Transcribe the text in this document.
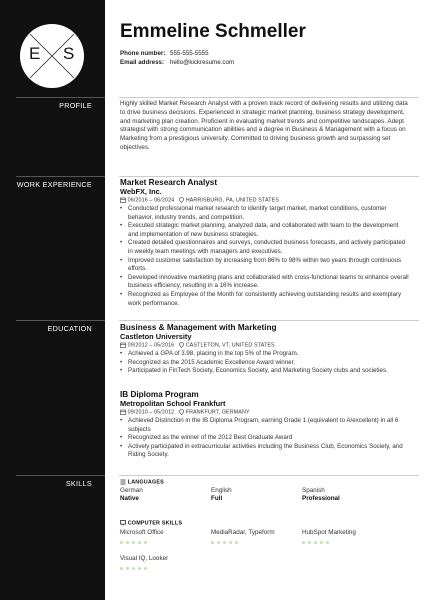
E S
PROFILE
WORK EXPERIENCE
EDUCATION
SKILLS
Emmeline Schmeller
Phone number: 555-555-5555
Email address: hello@kickresume.com
Highly skilled Market Research Analyst with a proven track record of delivering results and utilizing data to drive business decisions. Experienced in strategic market planning, business strategy development, and marketing plan creation. Proficient in evaluating market trends and competitive landscapes. Adept strategist with strong communication abilities and a degree in Business & Management with a focus on Marketing from a prestigious university. Committed to driving business growth and surpassing set objectives.
Market Research Analyst
WebFX, Inc.
06/2016 – 06/2024 HARRISBURG, PA, UNITED STATES
• Conducted professional market research to identify target market, market conditions, customer behavior, industry trends, and competition.
• Executed strategic market planning, analyzed data, and collaborated with team to the development and implementation of new business strategies.
• Created detailed questionnaires and surveys, conducted business forecasts, and actively participated in weekly team meetings with managers and executives.
• Improved customer satisfaction by increasing from 86% to 98% within two years through continuous efforts.
• Developed innovative marketing plans and collaborated with cross-functional teams to enhance overall business efficiency, resulting in a 16% increase.
• Recognized as Employee of the Month for consistently achieving outstanding results and exemplary work performance.
Business & Management with Marketing
Castleton University
09/2012 – 05/2016 CASTLETON, VT, UNITED STATES
• Achieved a GPA of 3.98, placing in the top 5% of the Program.
• Recognized as the 2015 Academic Excellence Award winner.
• Participated in FinTech Society, Economics Society, and Marketing Society clubs and societies.
IB Diploma Program
Metropolitan School Frankfurt
09/2010 – 05/2012 FRANKFURT, GERMANY
• Achieved Distinction in the IB Diploma Program, earning Grade 1 (equivalent to A/excellent) in all 6 subjects
• Recognized as the winner of the 2012 Best Graduate Award
• Actively participated in extracurricular activities including the Business Club, Economics Society, and Riding Society.
LANGUAGES
German
Native
English
Full
Spanish
Professional
COMPUTER SKILLS
Microsoft Office	MediaRadar, Typeform	HubSpot Marketing
Visual IQ, Looker
